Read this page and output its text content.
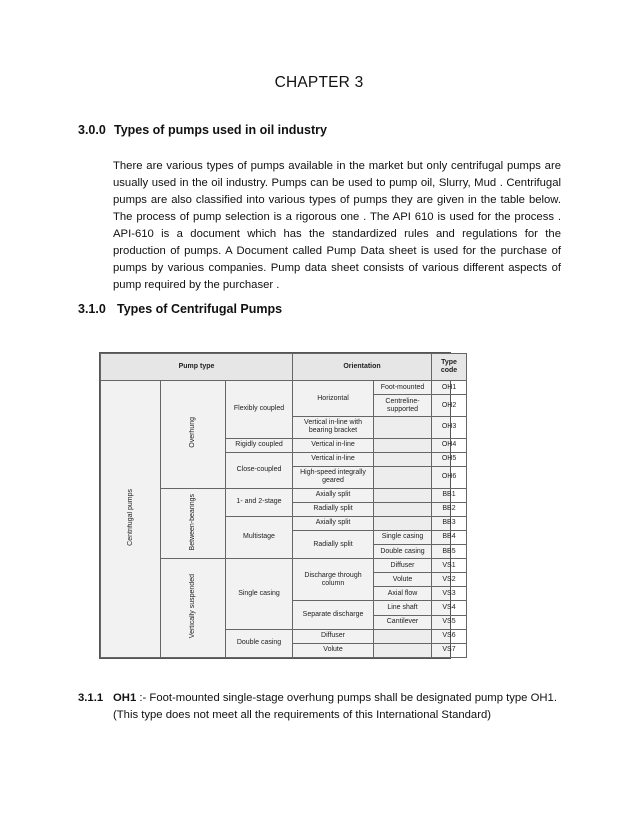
CHAPTER 3
3.0.0 Types of pumps used in oil industry
There are various types of pumps available in the market but only centrifugal pumps are usually used in the oil industry. Pumps can be used to pump oil, Slurry, Mud . Centrifugal pumps are also classified into various types of pumps they are given in the table below. The process of pump selection is a rigorous one . The API 610 is used for the process . API-610 is a document which has the standardized rules and regulations for the production of pumps. A Document called Pump Data sheet is used for the purchase of pumps by various companies. Pump data sheet consists of various different aspects of pump required by the purchaser .
3.1.0 Types of Centrifugal Pumps
Pump type			Orientation		Type code
Centrifugal pumps	Overhung	Flexibly coupled	Horizontal	Foot-mounted	OH1
				Centreline-supported	OH2
			Vertical in-line with bearing bracket		OH3
		Rigidly coupled	Vertical in-line		OH4
		Close-coupled	Vertical in-line		OH5
			High-speed integrally geared		OH6
	Between-bearings	1- and 2-stage	Axially split		BB1
			Radially split		BB2
		Multistage	Axially split		BB3
			Radially split	Single casing	BB4
				Double casing	BB5
	Vertically suspended	Single casing	Discharge through column	Diffuser	VS1
				Volute	VS2
				Axial flow	VS3
			Separate discharge	Line shaft	VS4
				Cantilever	VS5
		Double casing	Diffuser		VS6
			Volute		VS7
3.1.1 OH1 :- Foot-mounted single-stage overhung pumps shall be designated pump type OH1.
(This type does not meet all the requirements of this International Standard)
